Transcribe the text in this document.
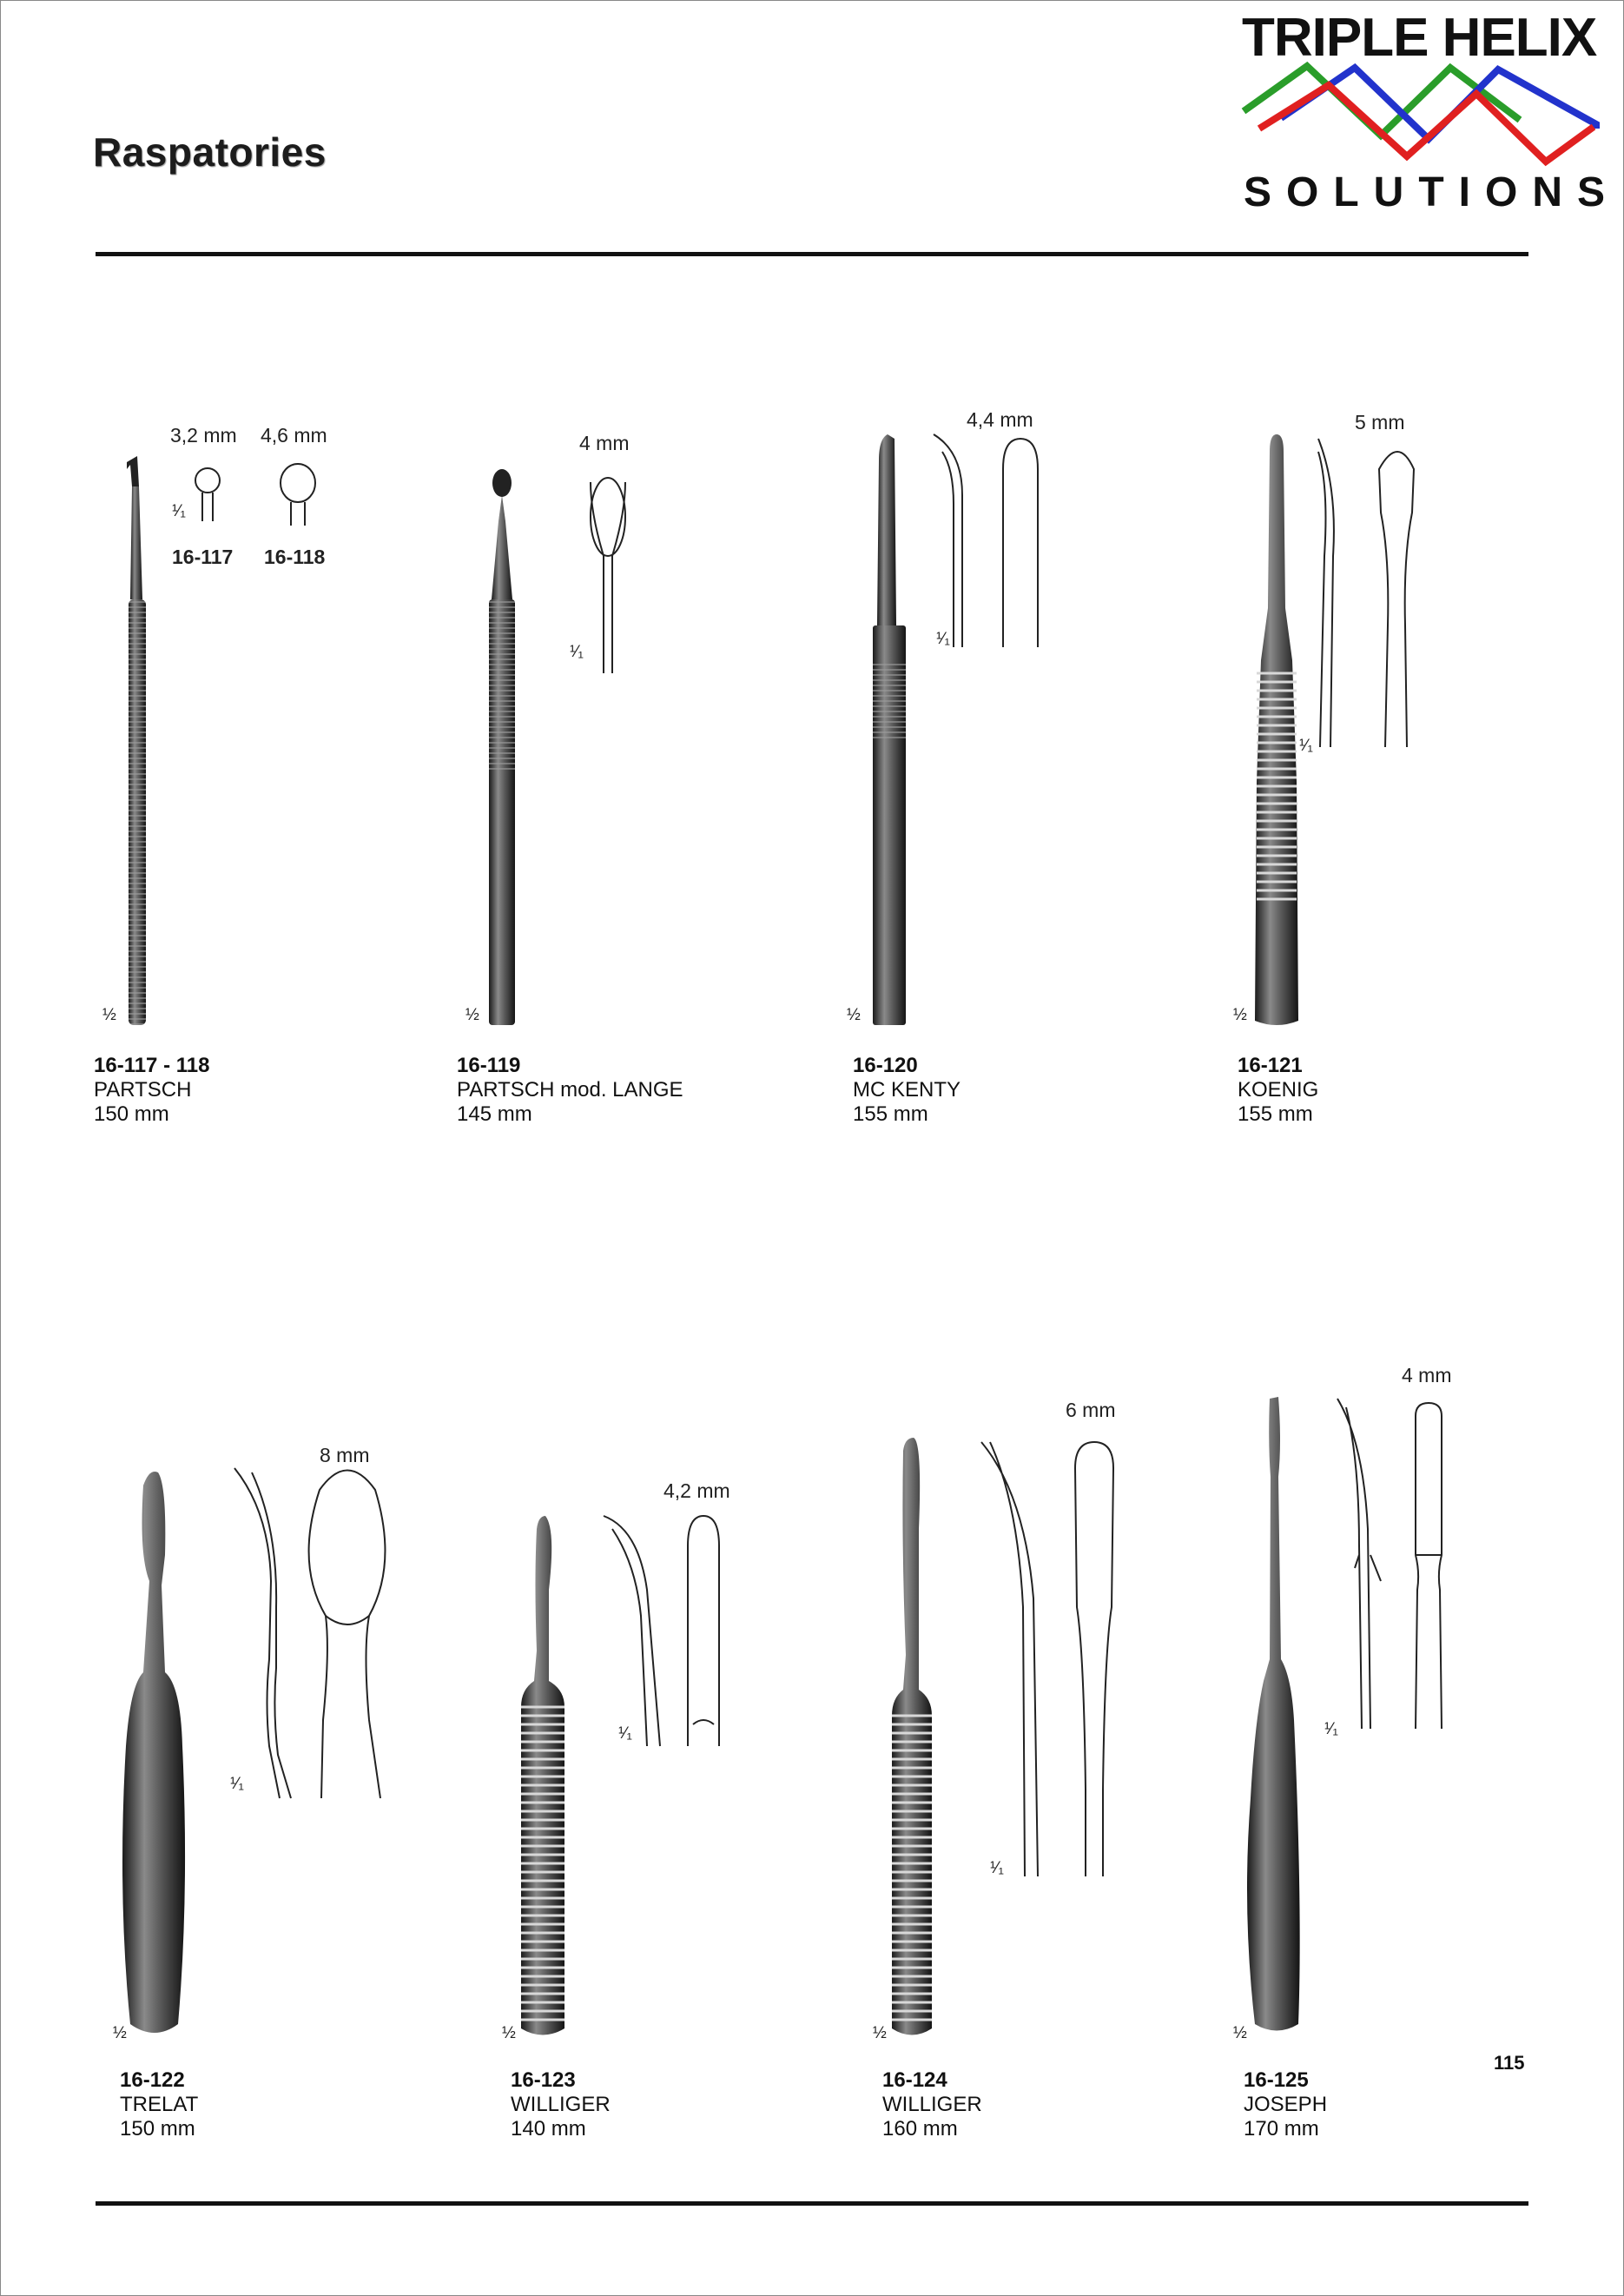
Raspatories
TRIPLE HELIX
SOLUTIONS
3,2 mm 4,6 mm
16-117 16-118
4 mm
4,4 mm	5 mm
8 mm
4,2 mm
6 mm
4 mm
¹⁄₁
¹⁄₁
¹⁄₁
¹⁄₁
¹⁄₁
¹⁄₁
¹⁄₁
¹⁄₁
½	½	½	½
½	½	½	½
16-117 - 118
PARTSCH
150 mm
16-119
PARTSCH mod. LANGE
145 mm
16-120
MC KENTY
155 mm
16-121
KOENIG
155 mm
16-122
TRELAT
150 mm
16-123
WILLIGER
140 mm
16-124
WILLIGER
160 mm
16-125
JOSEPH
170 mm
115
